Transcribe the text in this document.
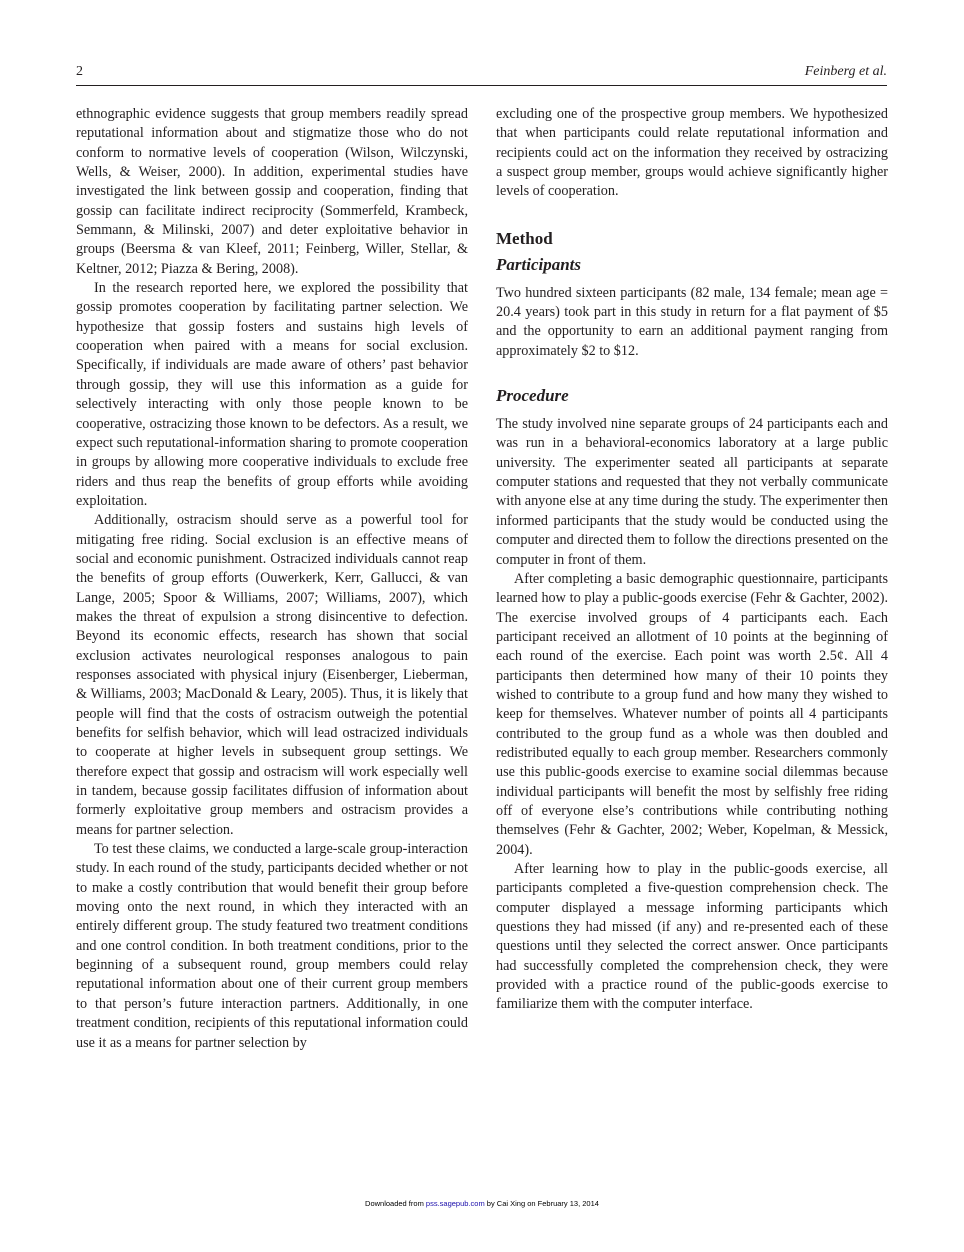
2	Feinberg et al.

ethnographic evidence suggests that group members readily spread reputational information about and stigmatize those who do not conform to normative levels of cooperation (Wilson, Wilczynski, Wells, & Weiser, 2000). In addition, experimental studies have investigated the link between gossip and cooperation, finding that gossip can facilitate indirect reciprocity (Sommerfeld, Krambeck, Semmann, & Milinski, 2007) and deter exploitative behavior in groups (Beersma & van Kleef, 2011; Feinberg, Willer, Stellar, & Keltner, 2012; Piazza & Bering, 2008).

In the research reported here, we explored the possibility that gossip promotes cooperation by facilitating partner selection. We hypothesize that gossip fosters and sustains high levels of cooperation when paired with a means for social exclusion. Specifically, if individuals are made aware of others’ past behavior through gossip, they will use this information as a guide for selectively interacting with only those people known to be cooperative, ostracizing those known to be defectors. As a result, we expect such reputational-information sharing to promote cooperation in groups by allowing more cooperative individuals to exclude free riders and thus reap the benefits of group efforts while avoiding exploitation.

Additionally, ostracism should serve as a powerful tool for mitigating free riding. Social exclusion is an effective means of social and economic punishment. Ostracized individuals cannot reap the benefits of group efforts (Ouwerkerk, Kerr, Gallucci, & van Lange, 2005; Spoor & Williams, 2007; Williams, 2007), which makes the threat of expulsion a strong disincentive to defection. Beyond its economic effects, research has shown that social exclusion activates neurological responses analogous to pain responses associated with physical injury (Eisenberger, Lieberman, & Williams, 2003; MacDonald & Leary, 2005). Thus, it is likely that people will find that the costs of ostracism outweigh the potential benefits for selfish behavior, which will lead ostracized individuals to cooperate at higher levels in subsequent group settings. We therefore expect that gossip and ostracism will work especially well in tandem, because gossip facilitates diffusion of information about formerly exploitative group members and ostracism provides a means for partner selection.

To test these claims, we conducted a large-scale group-interaction study. In each round of the study, participants decided whether or not to make a costly contribution that would benefit their group before moving onto the next round, in which they interacted with an entirely different group. The study featured two treatment conditions and one control condition. In both treatment conditions, prior to the beginning of a subsequent round, group members could relay reputational information about one of their current group members to that person’s future interaction partners. Additionally, in one treatment condition, recipients of this reputational information could use it as a means for partner selection by

excluding one of the prospective group members. We hypothesized that when participants could relate reputational information and recipients could act on the information they received by ostracizing a suspect group member, groups would achieve significantly higher levels of cooperation.

Method
Participants

Two hundred sixteen participants (82 male, 134 female; mean age = 20.4 years) took part in this study in return for a flat payment of $5 and the opportunity to earn an additional payment ranging from approximately $2 to $12.

Procedure

The study involved nine separate groups of 24 participants each and was run in a behavioral-economics laboratory at a large public university. The experimenter seated all participants at separate computer stations and requested that they not verbally communicate with anyone else at any time during the study. The experimenter then informed participants that the study would be conducted using the computer and directed them to follow the directions presented on the computer in front of them.

After completing a basic demographic questionnaire, participants learned how to play a public-goods exercise (Fehr & Gachter, 2002). The exercise involved groups of 4 participants each. Each participant received an allotment of 10 points at the beginning of each round of the exercise. Each point was worth 2.5¢. All 4 participants then determined how many of their 10 points they wished to contribute to a group fund and how many they wished to keep for themselves. Whatever number of points all 4 participants contributed to the group fund as a whole was then doubled and redistributed equally to each group member. Researchers commonly use this public-goods exercise to examine social dilemmas because individual participants will benefit the most by selfishly free riding off of everyone else’s contributions while contributing nothing themselves (Fehr & Gachter, 2002; Weber, Kopelman, & Messick, 2004).

After learning how to play in the public-goods exercise, all participants completed a five-question comprehension check. The computer displayed a message informing participants which questions they had missed (if any) and re-presented each of these questions until they selected the correct answer. Once participants had successfully completed the comprehension check, they were provided with a practice round of the public-goods exercise to familiarize them with the computer interface.

Downloaded from pss.sagepub.com by Cai Xing on February 13, 2014
